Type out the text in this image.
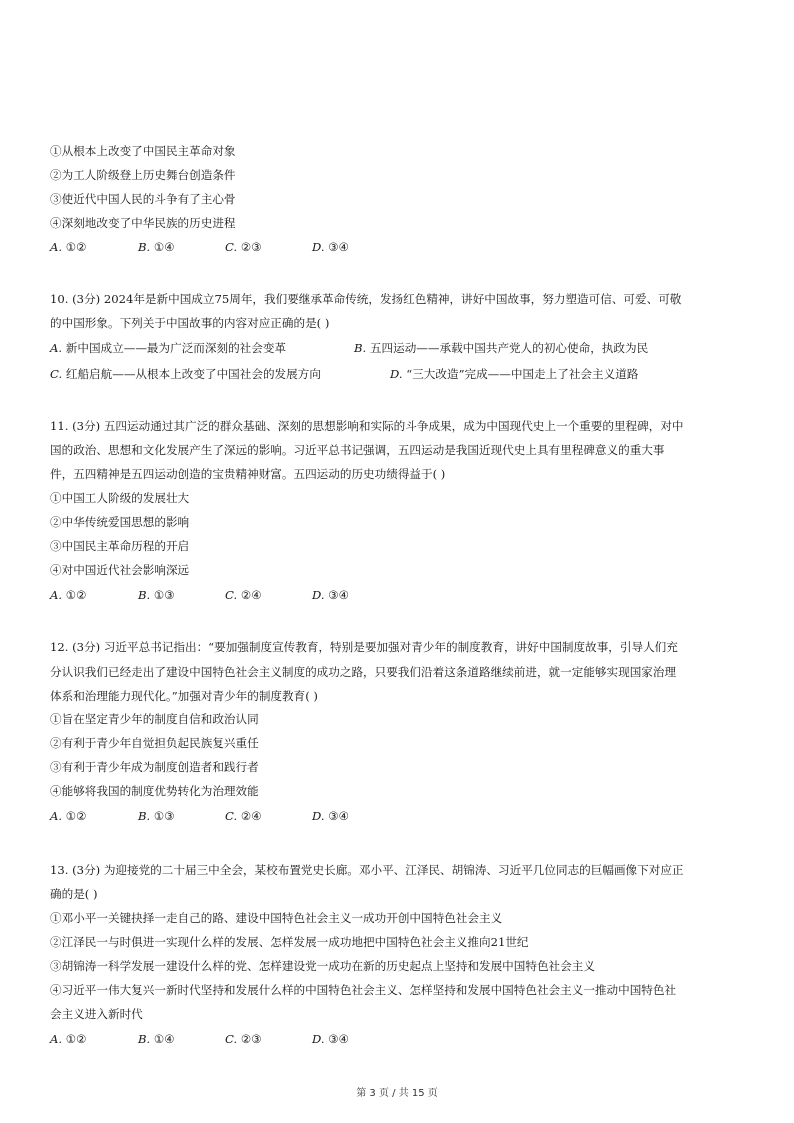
①从根本上改变了中国民主革命对象
②为工人阶级登上历史舞台创造条件
③使近代中国人民的斗争有了主心骨
④深刻地改变了中华民族的历史进程
A. ①②	B. ①④	C. ②③	D. ③④
10. (3分) 2024年是新中国成立75周年，我们要继承革命传统，发扬红色精神，讲好中国故事，努力塑造可信、可爱、可敬
的中国形象。下列关于中国故事的内容对应正确的是( )
A. 新中国成立——最为广泛而深刻的社会变革	B. 五四运动——承载中国共产党人的初心使命，执政为民
C. 红船启航——从根本上改变了中国社会的发展方向	D. “三大改造”完成——中国走上了社会主义道路
11. (3分) 五四运动通过其广泛的群众基础、深刻的思想影响和实际的斗争成果，成为中国现代史上一个重要的里程碑，对中
国的政治、思想和文化发展产生了深远的影响。习近平总书记强调，五四运动是我国近现代史上具有里程碑意义的重大事
件，五四精神是五四运动创造的宝贵精神财富。五四运动的历史功绩得益于( )
①中国工人阶级的发展壮大
②中华传统爱国思想的影响
③中国民主革命历程的开启
④对中国近代社会影响深远
A. ①②	B. ①③	C. ②④	D. ③④
12. (3分) 习近平总书记指出：“要加强制度宣传教育，特别是要加强对青少年的制度教育，讲好中国制度故事，引导人们充
分认识我们已经走出了建设中国特色社会主义制度的成功之路，只要我们沿着这条道路继续前进，就一定能够实现国家治理
体系和治理能力现代化。”加强对青少年的制度教育( )
①旨在坚定青少年的制度自信和政治认同
②有利于青少年自觉担负起民族复兴重任
③有利于青少年成为制度创造者和践行者
④能够将我国的制度优势转化为治理效能
A. ①②	B. ①③	C. ②④	D. ③④
13. (3分) 为迎接党的二十届三中全会，某校布置党史长廊。邓小平、江泽民、胡锦涛、习近平几位同志的巨幅画像下对应正
确的是( )
①邓小平一关键抉择一走自己的路、建设中国特色社会主义一成功开创中国特色社会主义
②江泽民一与时俱进一实现什么样的发展、怎样发展一成功地把中国特色社会主义推向21世纪
③胡锦涛一科学发展一建设什么样的党、怎样建设党一成功在新的历史起点上坚持和发展中国特色社会主义
④习近平一伟大复兴一新时代坚持和发展什么样的中国特色社会主义、怎样坚持和发展中国特色社会主义一推动中国特色社
会主义进入新时代
A. ①②	B. ①④	C. ②③	D. ③④
第 3 页 / 共 15 页
